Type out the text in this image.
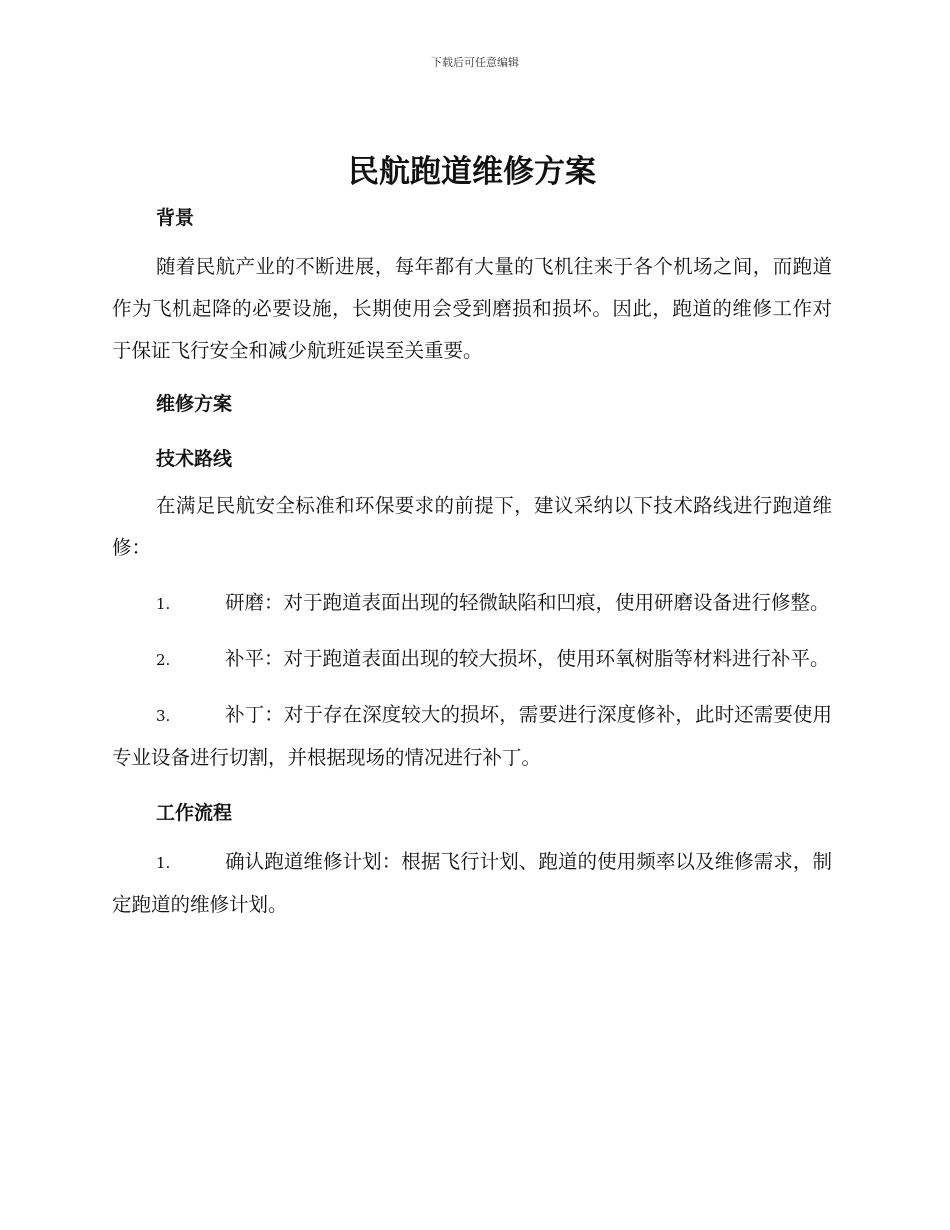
下载后可任意编辑
民航跑道维修方案
背景

随着民航产业的不断进展，每年都有大量的飞机往来于各个机场之间，而跑道作为飞机起降的必要设施，长期使用会受到磨损和损坏。因此，跑道的维修工作对于保证飞行安全和减少航班延误至关重要。

维修方案
技术路线

在满足民航安全标准和环保要求的前提下，建议采纳以下技术路线进行跑道维修：

1.	研磨：对于跑道表面出现的轻微缺陷和凹痕，使用研磨设备进行修整。

2.	补平：对于跑道表面出现的较大损坏，使用环氧树脂等材料进行补平。

3.	补丁：对于存在深度较大的损坏，需要进行深度修补，此时还需要使用专业设备进行切割，并根据现场的情况进行补丁。

工作流程

1.	确认跑道维修计划：根据飞行计划、跑道的使用频率以及维修需求，制定跑道的维修计划。
